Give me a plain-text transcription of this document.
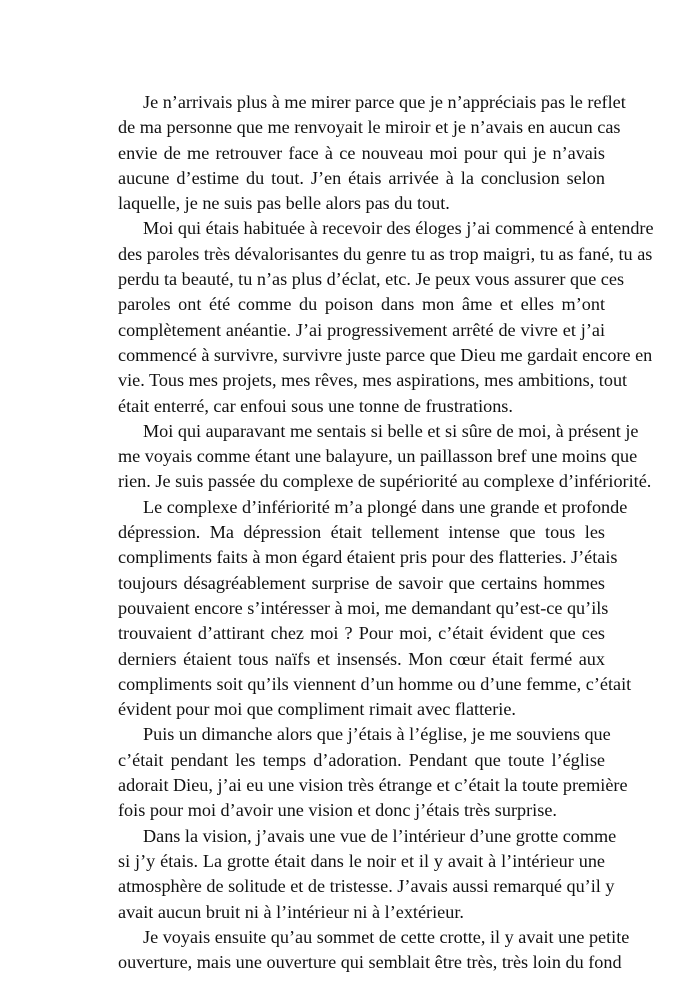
Je n’arrivais plus à me mirer parce que je n’appréciais pas le reflet
de ma personne que me renvoyait le miroir et je n’avais en aucun cas
envie de me retrouver face à ce nouveau moi pour qui je n’avais
aucune d’estime du tout. J’en étais arrivée à la conclusion selon
laquelle, je ne suis pas belle alors pas du tout.
Moi qui étais habituée à recevoir des éloges j’ai commencé à entendre
des paroles très dévalorisantes du genre tu as trop maigri, tu as fané, tu as
perdu ta beauté, tu n’as plus d’éclat, etc. Je peux vous assurer que ces
paroles ont été comme du poison dans mon âme et elles m’ont
complètement anéantie. J’ai progressivement arrêté de vivre et j’ai
commencé à survivre, survivre juste parce que Dieu me gardait encore en
vie. Tous mes projets, mes rêves, mes aspirations, mes ambitions, tout
était enterré, car enfoui sous une tonne de frustrations.
Moi qui auparavant me sentais si belle et si sûre de moi, à présent je
me voyais comme étant une balayure, un paillasson bref une moins que
rien. Je suis passée du complexe de supériorité au complexe d’infériorité.
Le complexe d’infériorité m’a plongé dans une grande et profonde
dépression. Ma dépression était tellement intense que tous les
compliments faits à mon égard étaient pris pour des flatteries. J’étais
toujours désagréablement surprise de savoir que certains hommes
pouvaient encore s’intéresser à moi, me demandant qu’est-ce qu’ils
trouvaient d’attirant chez moi ? Pour moi, c’était évident que ces
derniers étaient tous naïfs et insensés. Mon cœur était fermé aux
compliments soit qu’ils viennent d’un homme ou d’une femme, c’était
évident pour moi que compliment rimait avec flatterie.
Puis un dimanche alors que j’étais à l’église, je me souviens que
c’était pendant les temps d’adoration. Pendant que toute l’église
adorait Dieu, j’ai eu une vision très étrange et c’était la toute première
fois pour moi d’avoir une vision et donc j’étais très surprise.
Dans la vision, j’avais une vue de l’intérieur d’une grotte comme
si j’y étais. La grotte était dans le noir et il y avait à l’intérieur une
atmosphère de solitude et de tristesse. J’avais aussi remarqué qu’il y
avait aucun bruit ni à l’intérieur ni à l’extérieur.
Je voyais ensuite qu’au sommet de cette crotte, il y avait une petite
ouverture, mais une ouverture qui semblait être très, très loin du fond
